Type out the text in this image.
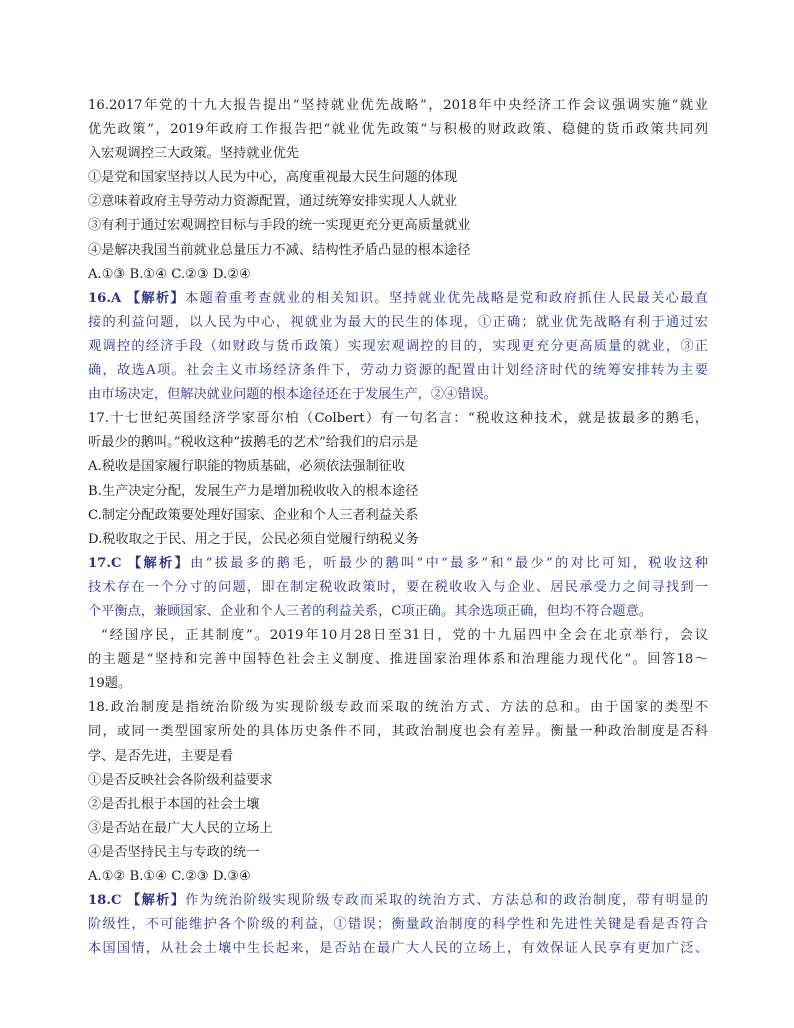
16.2017年党的十九大报告提出“坚持就业优先战略”，2018年中央经济工作会议强调实施“就业
优先政策”，2019年政府工作报告把“就业优先政策”与积极的财政政策、稳健的货币政策共同列
入宏观调控三大政策。坚持就业优先
①是党和国家坚持以人民为中心，高度重视最大民生问题的体现
②意味着政府主导劳动力资源配置，通过统筹安排实现人人就业
③有利于通过宏观调控目标与手段的统一实现更充分更高质量就业
④是解决我国当前就业总量压力不减、结构性矛盾凸显的根本途径
A.①③ B.①④ C.②③ D.②④
16.A 【解析】本题着重考查就业的相关知识。坚持就业优先战略是党和政府抓住人民最关心最直
接的利益问题，以人民为中心，视就业为最大的民生的体现，①正确；就业优先战略有利于通过宏
观调控的经济手段（如财政与货币政策）实现宏观调控的目的，实现更充分更高质量的就业，③正
确，故选A项。社会主义市场经济条件下，劳动力资源的配置由计划经济时代的统筹安排转为主要
由市场决定，但解决就业问题的根本途径还在于发展生产，②④错误。
17.十七世纪英国经济学家哥尔柏（Colbert）有一句名言：“税收这种技术，就是拔最多的鹅毛，
听最少的鹅叫。”税收这种“拔鹅毛的艺术”给我们的启示是
A.税收是国家履行职能的物质基础，必须依法强制征收
B.生产决定分配，发展生产力是增加税收收入的根本途径
C.制定分配政策要处理好国家、企业和个人三者利益关系
D.税收取之于民、用之于民，公民必须自觉履行纳税义务
17.C 【解析】由“拔最多的鹅毛，听最少的鹅叫”中“最多”和“最少”的对比可知，税收这种
技术存在一个分寸的问题，即在制定税收政策时，要在税收收入与企业、居民承受力之间寻找到一
个平衡点，兼顾国家、企业和个人三者的利益关系，C项正确。其余选项正确，但均不符合题意。
“经国序民，正其制度”。2019年10月28日至31日，党的十九届四中全会在北京举行，会议
的主题是“坚持和完善中国特色社会主义制度、推进国家治理体系和治理能力现代化”。回答18～
19题。
18.政治制度是指统治阶级为实现阶级专政而采取的统治方式、方法的总和。由于国家的类型不
同，或同一类型国家所处的具体历史条件不同，其政治制度也会有差异。衡量一种政治制度是否科
学、是否先进，主要是看
①是否反映社会各阶级利益要求
②是否扎根于本国的社会土壤
③是否站在最广大人民的立场上
④是否坚持民主与专政的统一
A.①② B.①④ C.②③ D.③④
18.C 【解析】作为统治阶级实现阶级专政而采取的统治方式、方法总和的政治制度，带有明显的
阶级性，不可能维护各个阶级的利益，①错误；衡量政治制度的科学性和先进性关键是看是否符合
本国国情，从社会土壤中生长起来，是否站在最广大人民的立场上，有效保证人民享有更加广泛、
